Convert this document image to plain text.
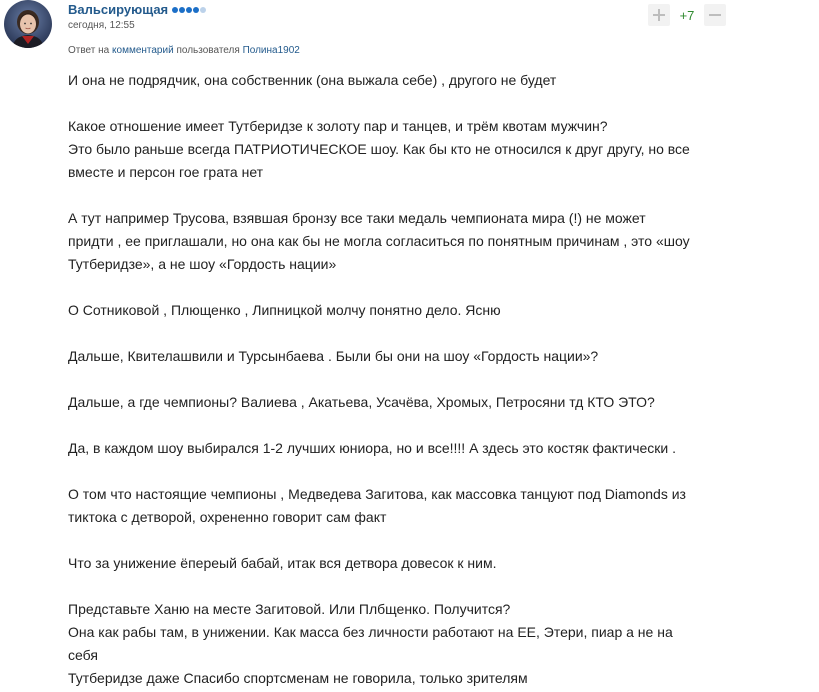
Вальсирующая
сегодня, 12:55
Ответ на комментарий пользователя Полина1902
+7

И она не подрядчик, она собственник (она выжала себе) , другого не будет

Какое отношение имеет Тутберидзе к золоту пар и танцев, и трём квотам мужчин?
Это было раньше всегда ПАТРИОТИЧЕСКОЕ шоу. Как бы кто не относился к друг другу, но все
вместе и персон гое грата нет

А тут например Трусова, взявшая бронзу все таки медаль чемпионата мира (!) не может
придти , ее приглашали, но она как бы не могла согласиться по понятным причинам , это «шоу
Тутберидзе», а не шоу «Гордость нации»

О Сотниковой , Плющенко , Липницкой молчу понятно дело. Ясню

Дальше, Квителашвили и Турсынбаева . Были бы они на шоу «Гордость нации»?

Дальше, а где чемпионы? Валиева , Акатьева, Усачёва, Хромых, Петросяни тд КТО ЭТО?

Да, в каждом шоу выбирался 1-2 лучших юниора, но и все!!!! А здесь это костяк фактически .

О том что настоящие чемпионы , Медведева Загитова, как массовка танцуют под Diamonds из
тиктока с детворой, охрененно говорит сам факт

Что за унижение ёпереый бабай, итак вся детвора довесок к ним.

Представьте Ханю на месте Загитовой. Или Плбщенко. Получится?
Она как рабы там, в унижении. Как масса без личности работают на ЕЕ, Этери, пиар а не на
себя
Тутберидзе даже Спасибо спортсменам не говорила, только зрителям
